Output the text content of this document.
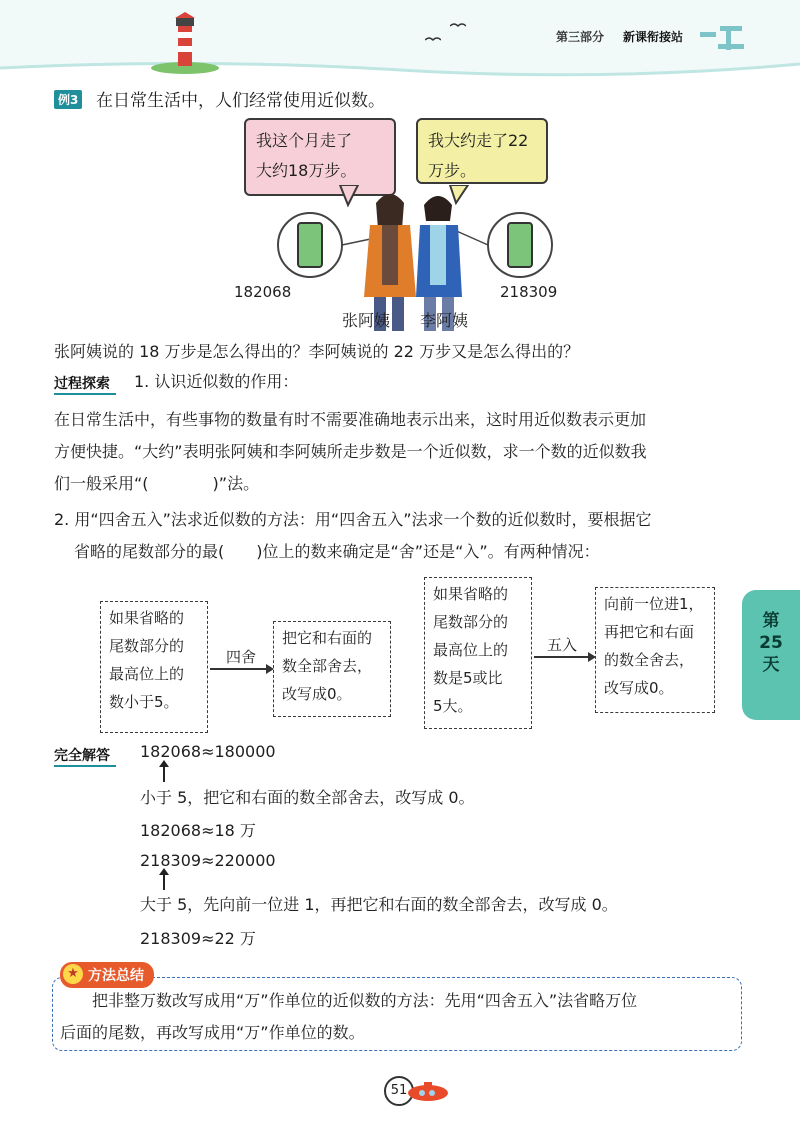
第三部分 新课衔接站
例3 在日常生活中，人们经常使用近似数。
我这个月走了
大约18万步。
我大约走了22
万步。
182068	218309
张阿姨 李阿姨
张阿姨说的 18 万步是怎么得出的？李阿姨说的 22 万步又是怎么得出的？
过程探索	1. 认识近似数的作用：
在日常生活中，有些事物的数量有时不需要准确地表示出来，这时用近似数表示更加
方便快捷。“大约”表明张阿姨和李阿姨所走步数是一个近似数，求一个数的近似数我
们一般采用“(　　　　)”法。
2. 用“四舍五入”法求近似数的方法：用“四舍五入”法求一个数的近似数时，要根据它
省略的尾数部分的最(　　)位上的数来确定是“舍”还是“入”。有两种情况：
如果省略的
尾数部分的
最高位上的
数小于5。
四舍
把它和右面的
数全部舍去，
改写成0。
如果省略的
尾数部分的
最高位上的
数是5或比
5大。
五入
向前一位进1，
再把它和右面
的数全舍去，
改写成0。
第
25
天
完全解答	182068≈180000
小于 5，把它和右面的数全部舍去，改写成 0。
182068≈18 万
218309≈220000
大于 5，先向前一位进 1，再把它和右面的数全部舍去，改写成 0。
218309≈22 万
方法总结
★
把非整万数改写成用“万”作单位的近似数的方法：先用“四舍五入”法省略万位
后面的尾数，再改写成用“万”作单位的数。
51
